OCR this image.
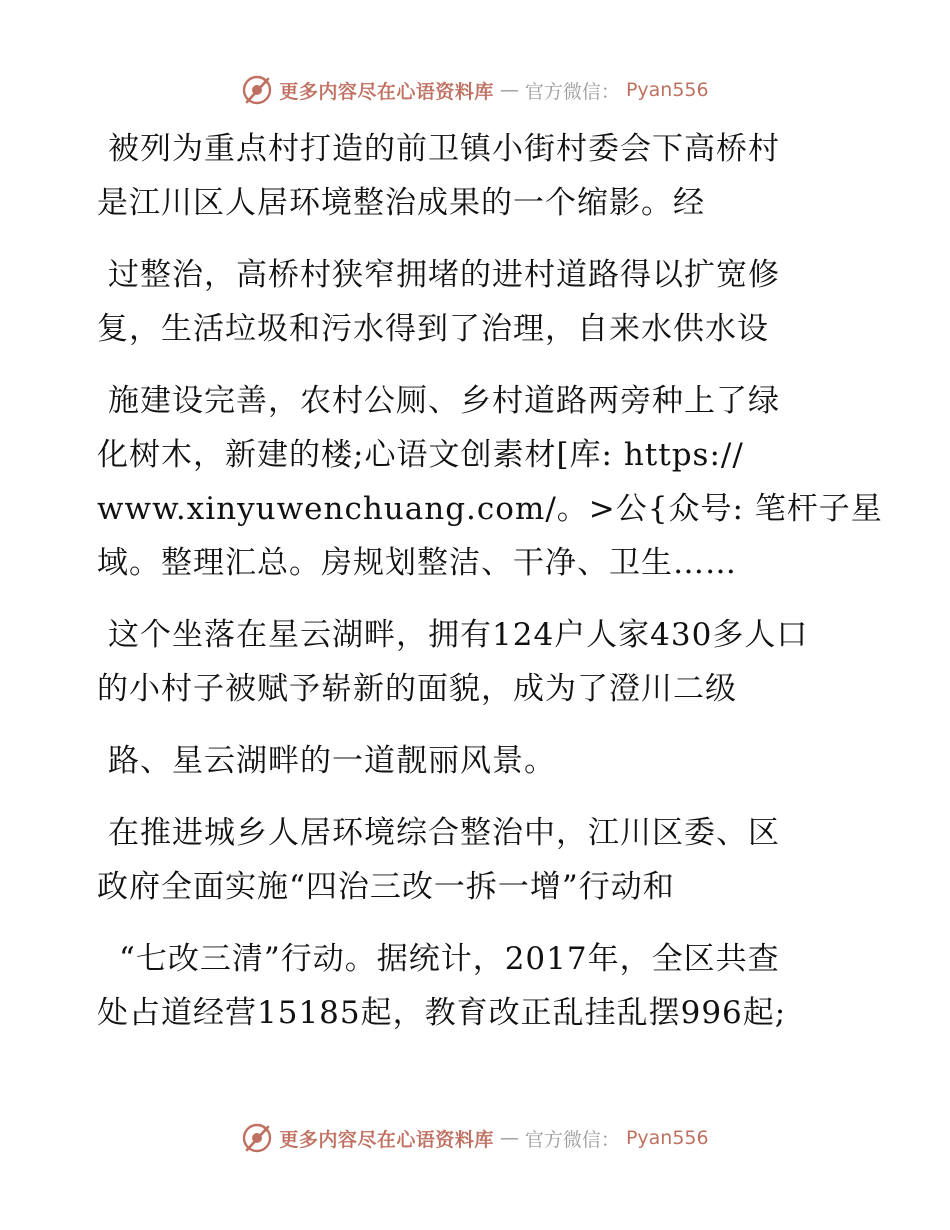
更多内容尽在心语资料库 — 官方微信： Pyan556
被列为重点村打造的前卫镇小街村委会下高桥村
是江川区人居环境整治成果的一个缩影。经
过整治，高桥村狭窄拥堵的进村道路得以扩宽修
复，生活垃圾和污水得到了治理，自来水供水设
施建设完善，农村公厕、乡村道路两旁种上了绿
化树木，新建的楼;心语文创素材[库: https://
www.xinyuwenchuang.com/。>公{众号: 笔杆子星
域。整理汇总。房规划整洁、干净、卫生……
这个坐落在星云湖畔，拥有124户人家430多人口
的小村子被赋予崭新的面貌，成为了澄川二级
路、星云湖畔的一道靓丽风景。
在推进城乡人居环境综合整治中，江川区委、区
政府全面实施“四治三改一拆一增”行动和
“七改三清”行动。据统计，2017年，全区共查
处占道经营15185起，教育改正乱挂乱摆996起;
更多内容尽在心语资料库 — 官方微信： Pyan556
